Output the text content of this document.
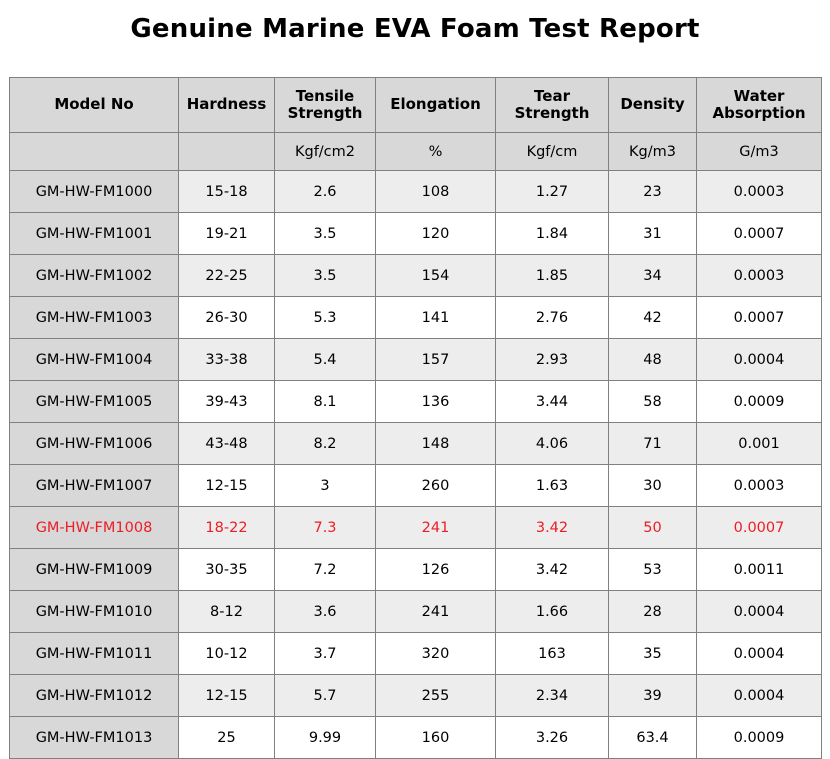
Genuine Marine EVA Foam Test Report
Model No	Hardness	Tensile Strength	Elongation	Tear Strength	Density	Water Absorption
		Kgf/cm2	%	Kgf/cm	Kg/m3	G/m3
GM-HW-FM1000	15-18	2.6	108	1.27	23	0.0003
GM-HW-FM1001	19-21	3.5	120	1.84	31	0.0007
GM-HW-FM1002	22-25	3.5	154	1.85	34	0.0003
GM-HW-FM1003	26-30	5.3	141	2.76	42	0.0007
GM-HW-FM1004	33-38	5.4	157	2.93	48	0.0004
GM-HW-FM1005	39-43	8.1	136	3.44	58	0.0009
GM-HW-FM1006	43-48	8.2	148	4.06	71	0.001
GM-HW-FM1007	12-15	3	260	1.63	30	0.0003
GM-HW-FM1008	18-22	7.3	241	3.42	50	0.0007
GM-HW-FM1009	30-35	7.2	126	3.42	53	0.0011
GM-HW-FM1010	8-12	3.6	241	1.66	28	0.0004
GM-HW-FM1011	10-12	3.7	320	163	35	0.0004
GM-HW-FM1012	12-15	5.7	255	2.34	39	0.0004
GM-HW-FM1013	25	9.99	160	3.26	63.4	0.0009
